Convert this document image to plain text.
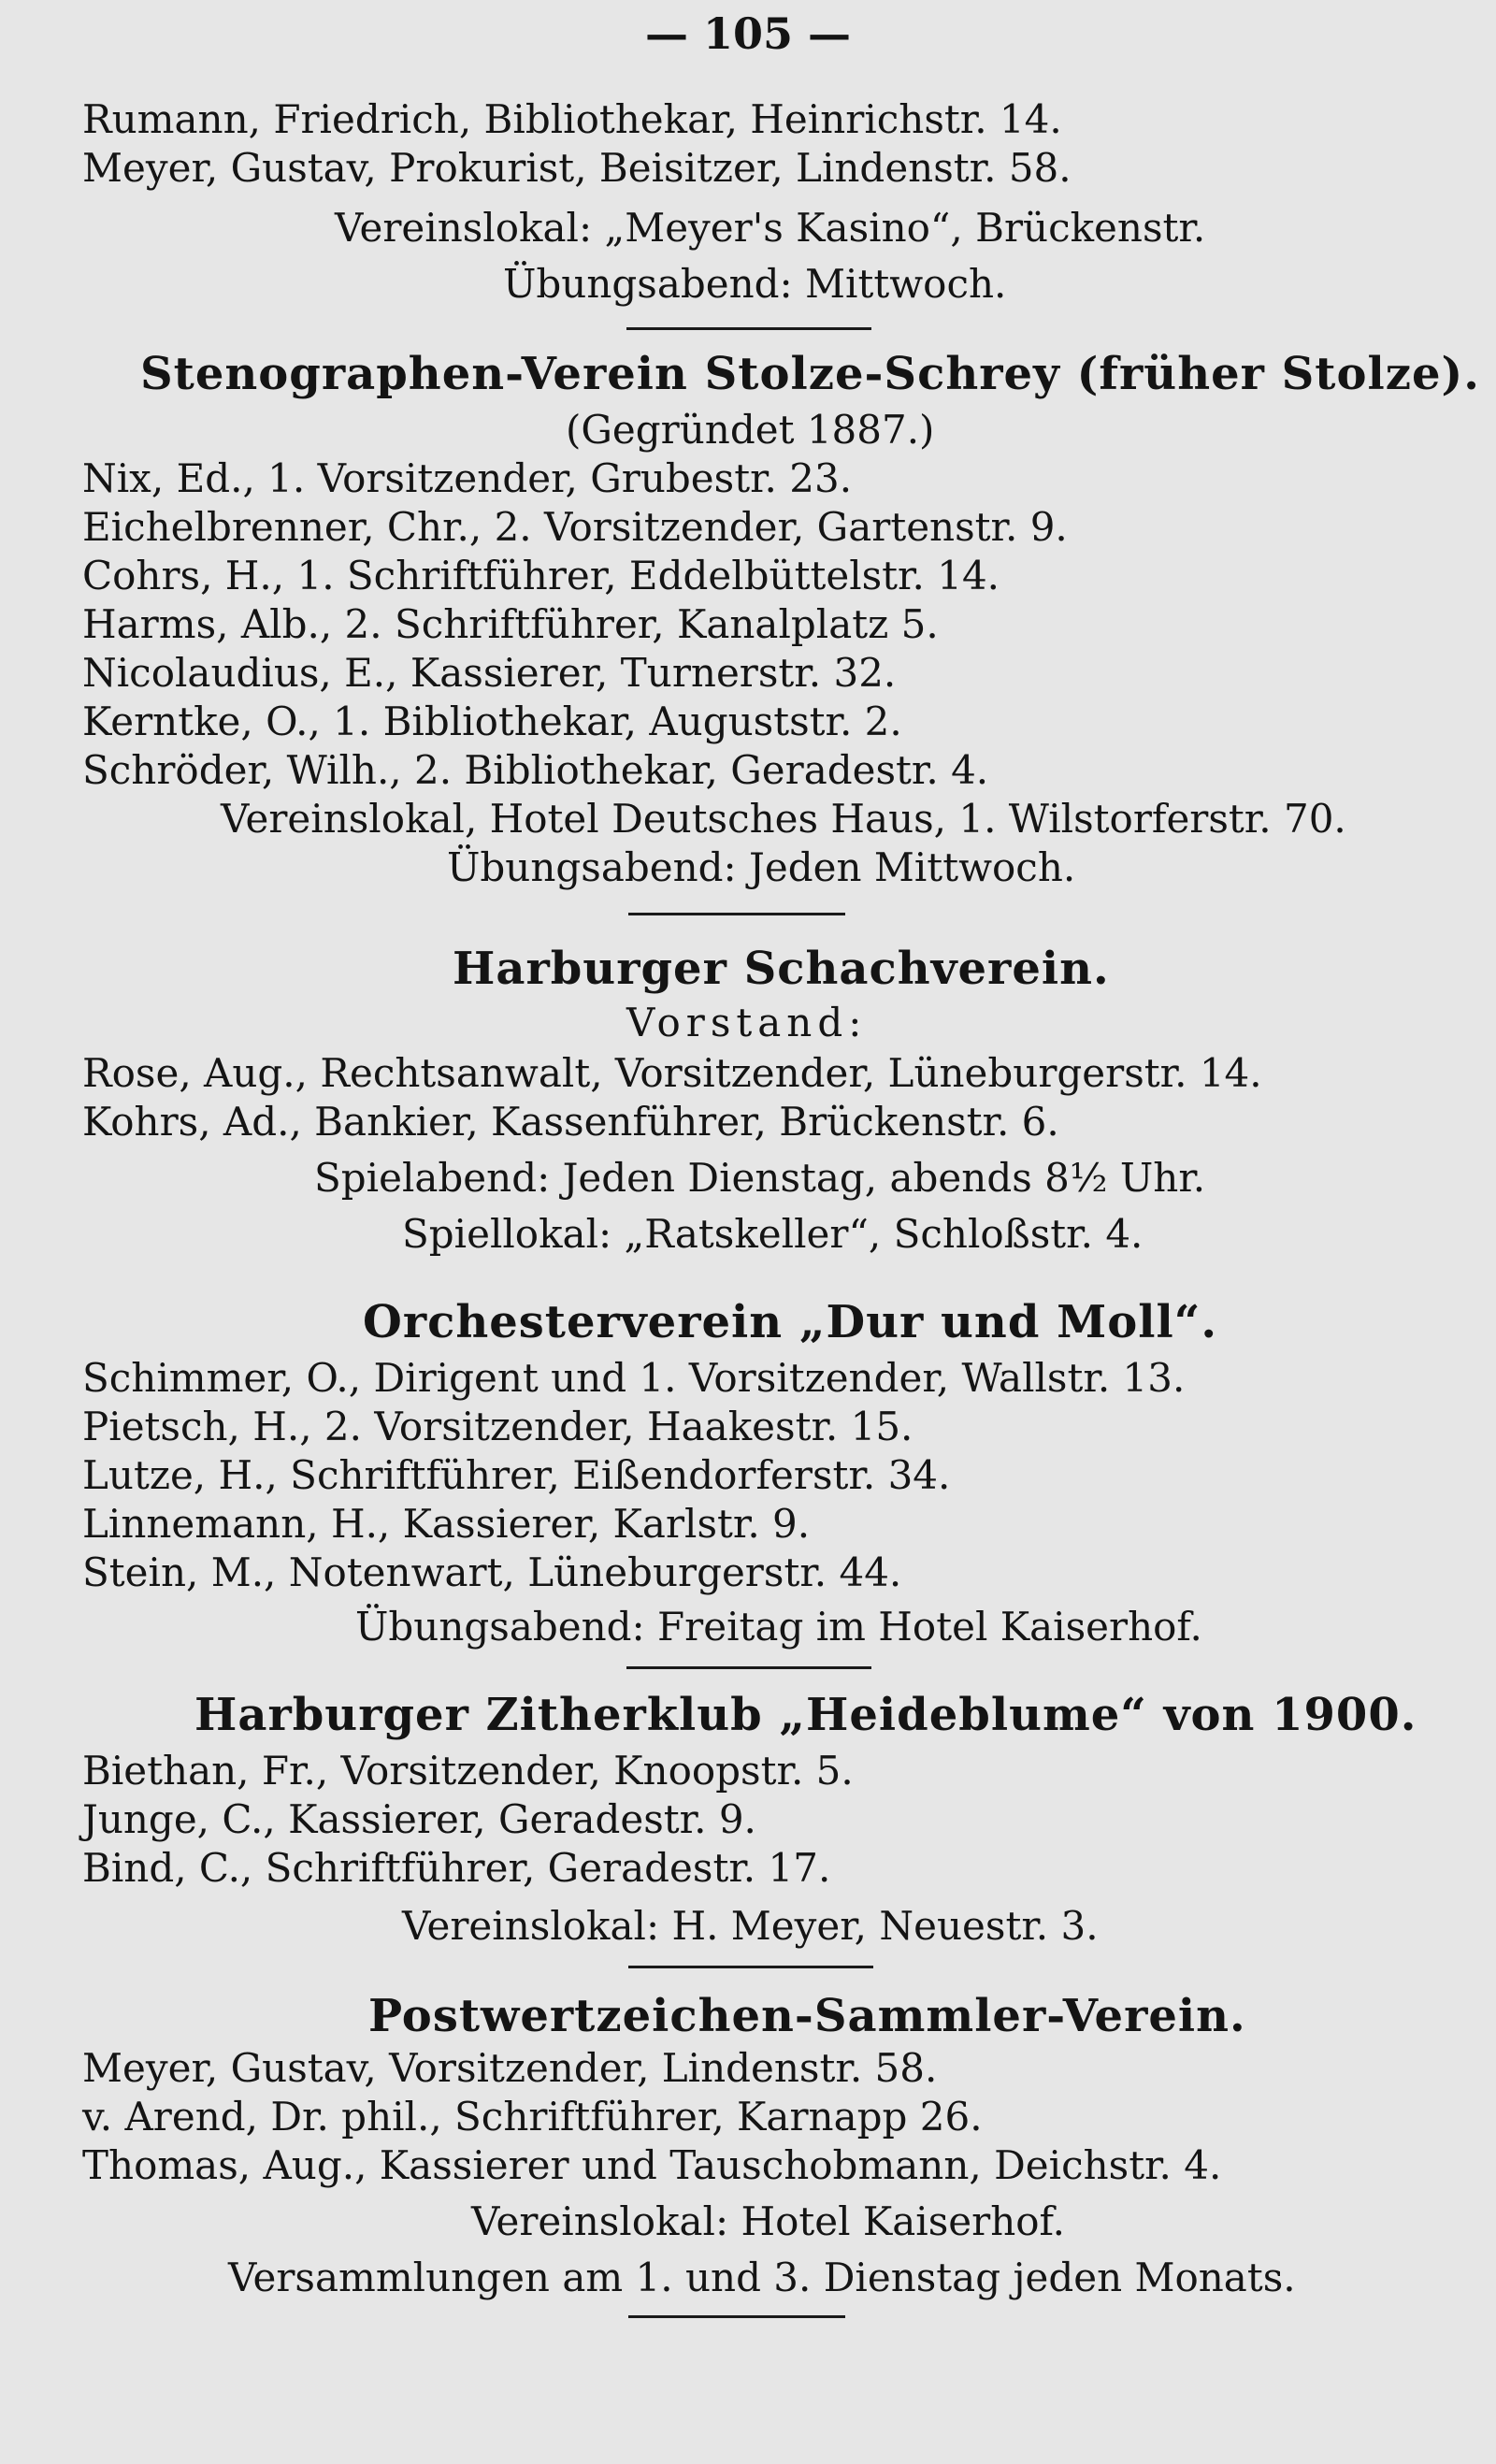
— 105 —
Rumann, Friedrich, Bibliothekar, Heinrichstr. 14.
Meyer, Gustav, Prokurist, Beisitzer, Lindenstr. 58.
Vereinslokal: „Meyer's Kasino“, Brückenstr.
Übungsabend: Mittwoch.
Stenographen-Verein Stolze-Schrey (früher Stolze).
(Gegründet 1887.)
Nix, Ed., 1. Vorsitzender, Grubestr. 23.
Eichelbrenner, Chr., 2. Vorsitzender, Gartenstr. 9.
Cohrs, H., 1. Schriftführer, Eddelbüttelstr. 14.
Harms, Alb., 2. Schriftführer, Kanalplatz 5.
Nicolaudius, E., Kassierer, Turnerstr. 32.
Kerntke, O., 1. Bibliothekar, Auguststr. 2.
Schröder, Wilh., 2. Bibliothekar, Geradestr. 4.
Vereinslokal, Hotel Deutsches Haus, 1. Wilstorferstr. 70.
Übungsabend: Jeden Mittwoch.
Harburger Schachverein.
Vorstand:
Rose, Aug., Rechtsanwalt, Vorsitzender, Lüneburgerstr. 14.
Kohrs, Ad., Bankier, Kassenführer, Brückenstr. 6.
Spielabend: Jeden Dienstag, abends 8½ Uhr.
Spiellokal: „Ratskeller“, Schloßstr. 4.
Orchesterverein „Dur und Moll“.
Schimmer, O., Dirigent und 1. Vorsitzender, Wallstr. 13.
Pietsch, H., 2. Vorsitzender, Haakestr. 15.
Lutze, H., Schriftführer, Eißendorferstr. 34.
Linnemann, H., Kassierer, Karlstr. 9.
Stein, M., Notenwart, Lüneburgerstr. 44.
Übungsabend: Freitag im Hotel Kaiserhof.
Harburger Zitherklub „Heideblume“ von 1900.
Biethan, Fr., Vorsitzender, Knoopstr. 5.
Junge, C., Kassierer, Geradestr. 9.
Bind, C., Schriftführer, Geradestr. 17.
Vereinslokal: H. Meyer, Neuestr. 3.
Postwertzeichen-Sammler-Verein.
Meyer, Gustav, Vorsitzender, Lindenstr. 58.
v. Arend, Dr. phil., Schriftführer, Karnapp 26.
Thomas, Aug., Kassierer und Tauschobmann, Deichstr. 4.
Vereinslokal: Hotel Kaiserhof.
Versammlungen am 1. und 3. Dienstag jeden Monats.
